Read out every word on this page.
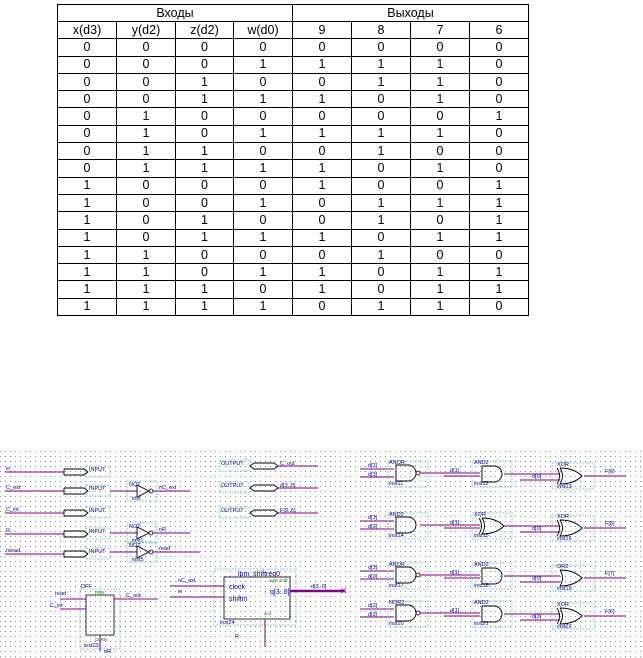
Входы				Выходы			
x(d3)	y(d2)	z(d2)	w(d0)	9	8	7	6
0	0	0	0	0	0	0	0
0	0	0	1	1	1	1	0
0	0	1	0	0	1	1	0
0	0	1	1	1	0	1	0
0	1	0	0	0	0	0	1
0	1	0	1	1	1	1	0
0	1	1	0	0	1	0	0
0	1	1	1	1	0	1	0
1	0	0	0	1	0	0	1
1	0	0	1	0	1	1	1
1	0	1	0	0	1	0	1
1	0	1	1	1	0	1	1
1	1	0	0	0	1	0	0
1	1	0	1	1	0	1	1
1	1	1	0	1	0	1	1
1	1	1	1	0	1	1	0
in	INPUT
C_ext	INPUT
C_int	INPUT
R	INPUT
nread	INPUT
NOT	nC_ext
inst
NOT	nR
inst1
NOT	read
inst5
OUTPUT	C_out
OUTPUT	d[3..0]
OUTPUT	F[9..6]
DFF
PRN
CLRN
inst23
read
C_int
C_out
nR
lpm_shiftreg0
right shift
clock
shiftin
q[3..0]
aclr
inst24
nC_ext
in
d[3..0]
R
✕
d[2]
d[3]
ANOR
inst11
d[1]
AND2
inst12
d[0]
XOR
inst13
F[9]
d[3]
d[2]
AND2
inst14
d[1]
XOR
inst15
d[0]
XOR
inst16
F[8]
d[3]
d[2]
ANOR
inst17
d[1]
AND2
inst18
d[0]
OR2
inst19
F[7]
d[2]
d[3]
NOR2
inst20
d[1]
AND2
inst21
d[3]
XOR
inst22
F[6]
